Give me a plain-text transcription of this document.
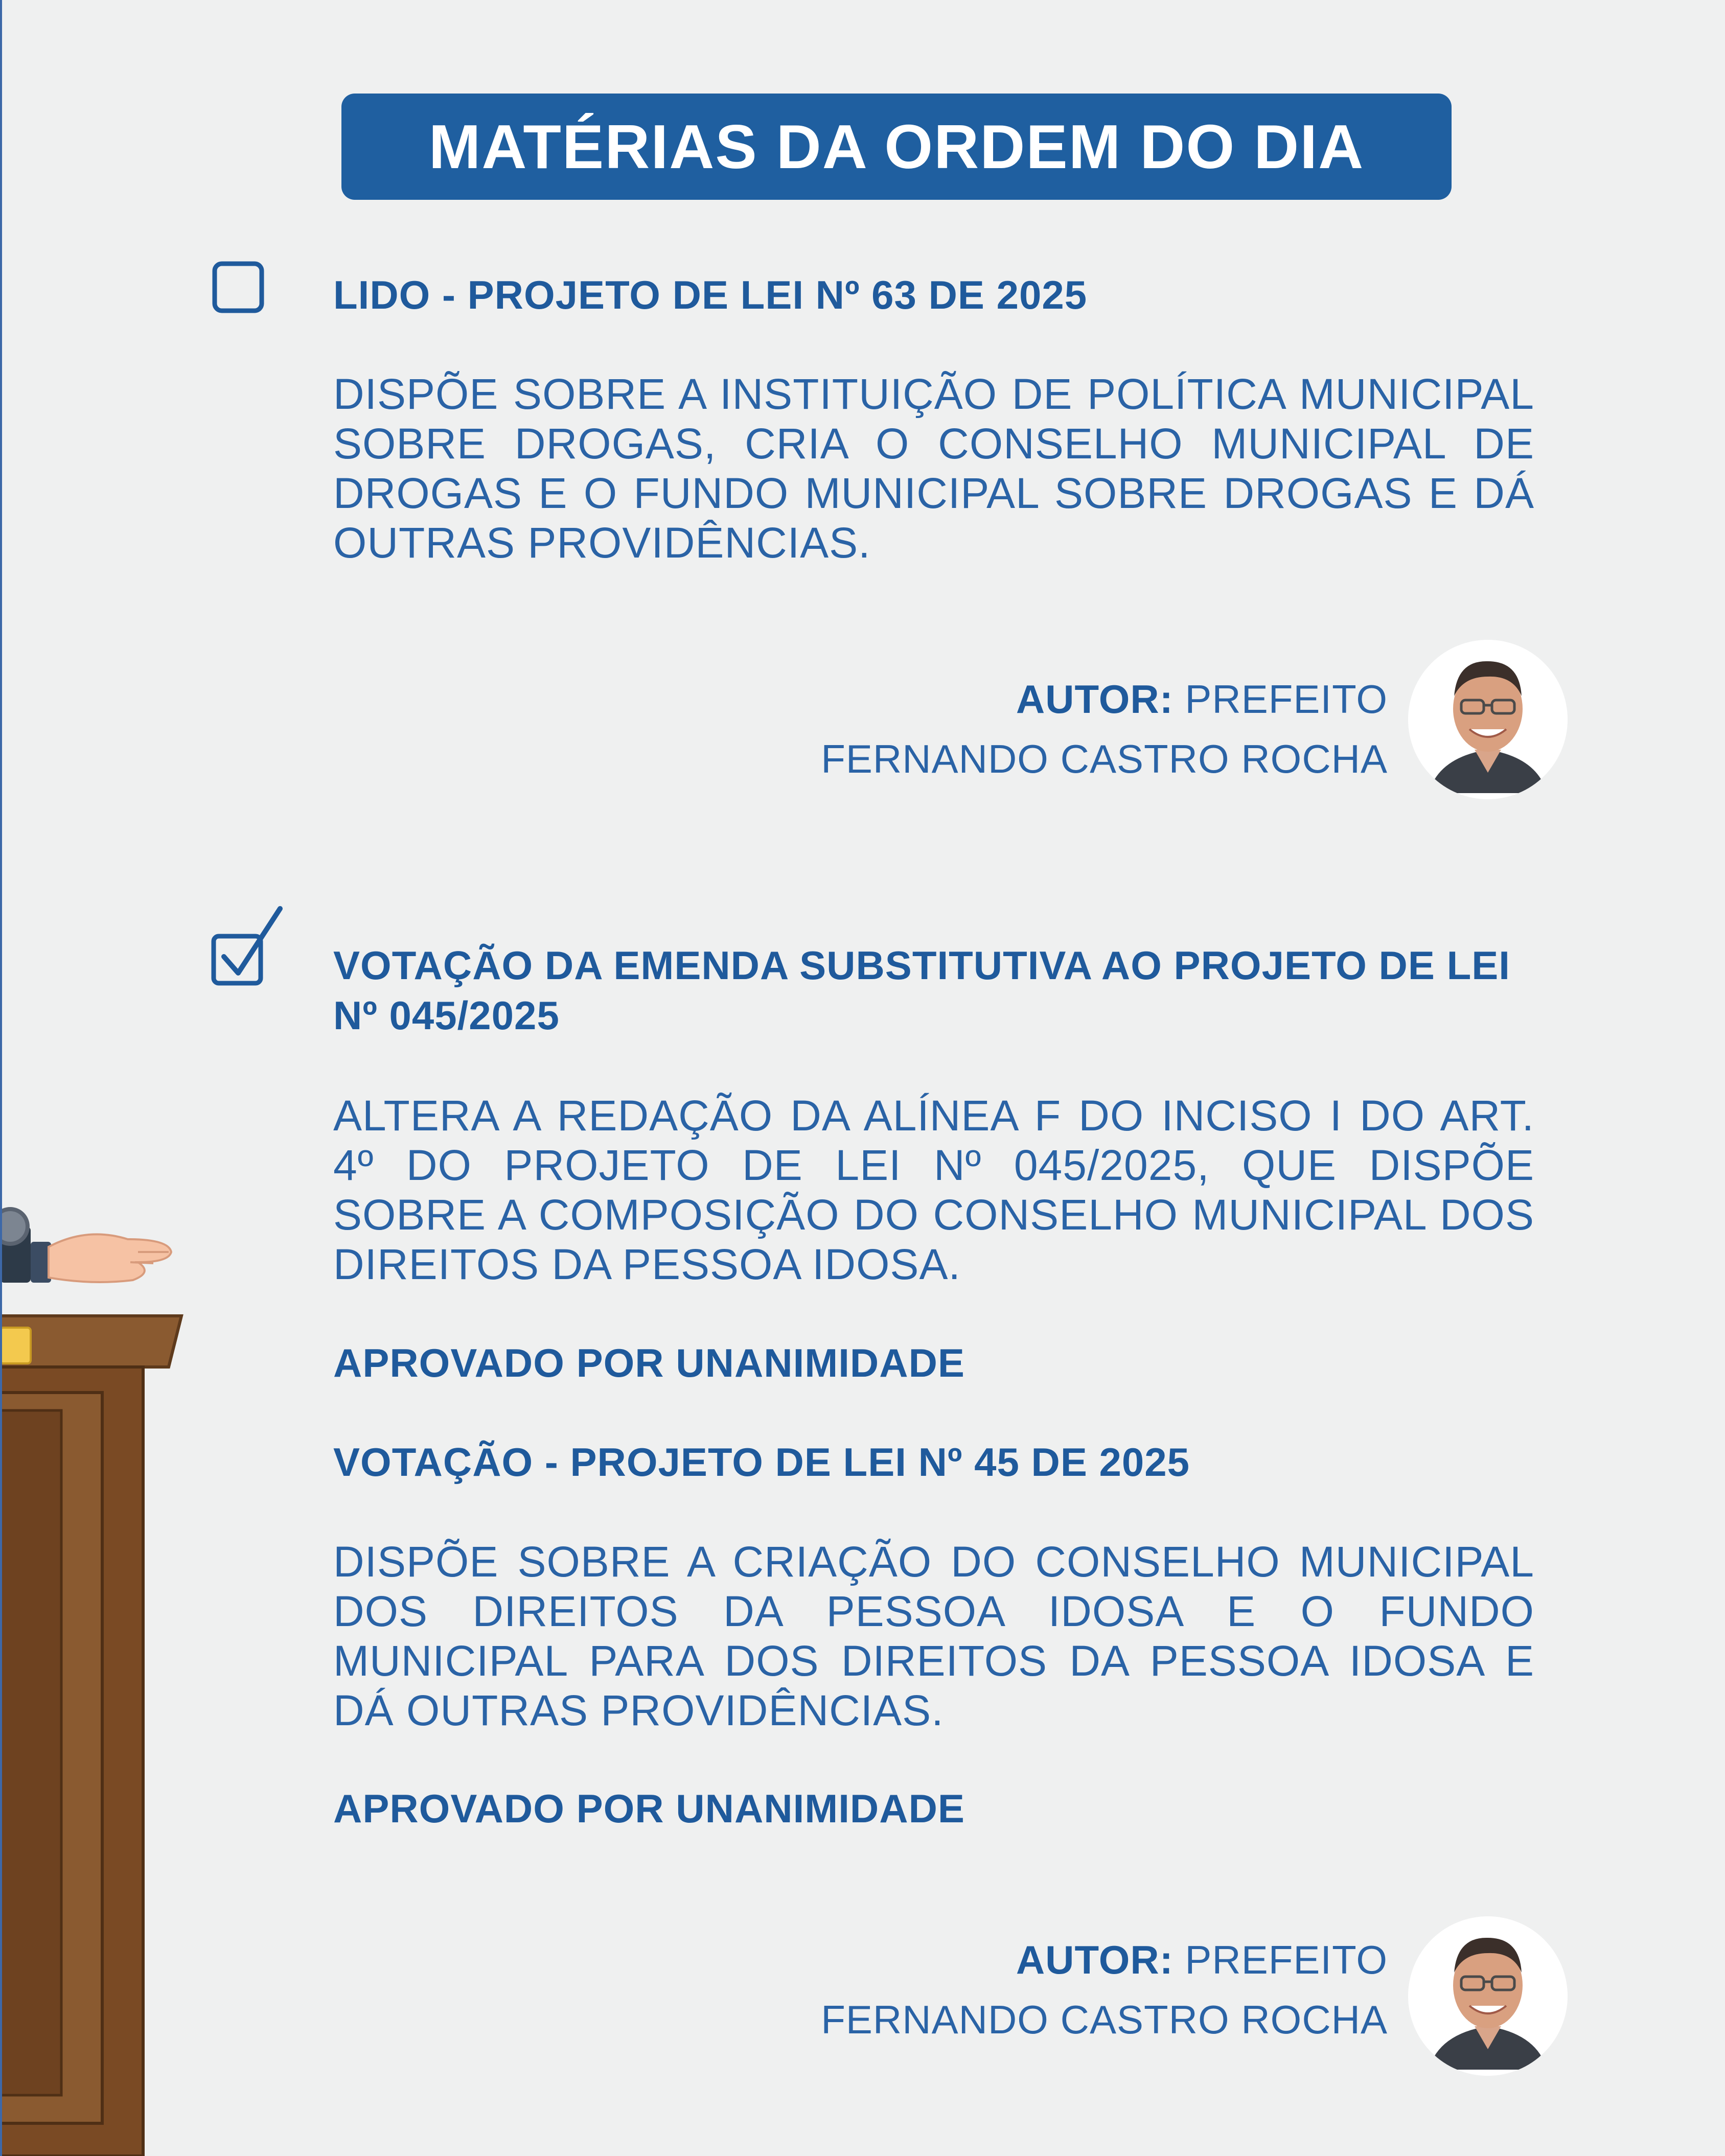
MATÉRIAS DA ORDEM DO DIA
LIDO - PROJETO DE LEI Nº 63 DE 2025
DISPÕE SOBRE A INSTITUIÇÃO DE POLÍTICA MUNICIPAL SOBRE DROGAS, CRIA O CONSELHO MUNICIPAL DE DROGAS E O FUNDO MUNICIPAL SOBRE DROGAS E DÁ OUTRAS PROVIDÊNCIAS.
AUTOR: PREFEITO
FERNANDO CASTRO ROCHA
VOTAÇÃO DA EMENDA SUBSTITUTIVA AO PROJETO DE LEI Nº 045/2025
ALTERA A REDAÇÃO DA ALÍNEA F DO INCISO I DO ART. 4º DO PROJETO DE LEI Nº 045/2025, QUE DISPÕE SOBRE A COMPOSIÇÃO DO CONSELHO MUNICIPAL DOS DIREITOS DA PESSOA IDOSA.
APROVADO POR UNANIMIDADE
VOTAÇÃO - PROJETO DE LEI Nº 45 DE 2025
DISPÕE SOBRE A CRIAÇÃO DO CONSELHO MUNICIPAL DOS DIREITOS DA PESSOA IDOSA E O FUNDO MUNICIPAL PARA DOS DIREITOS DA PESSOA IDOSA E DÁ OUTRAS PROVIDÊNCIAS.
APROVADO POR UNANIMIDADE
AUTOR: PREFEITO
FERNANDO CASTRO ROCHA
